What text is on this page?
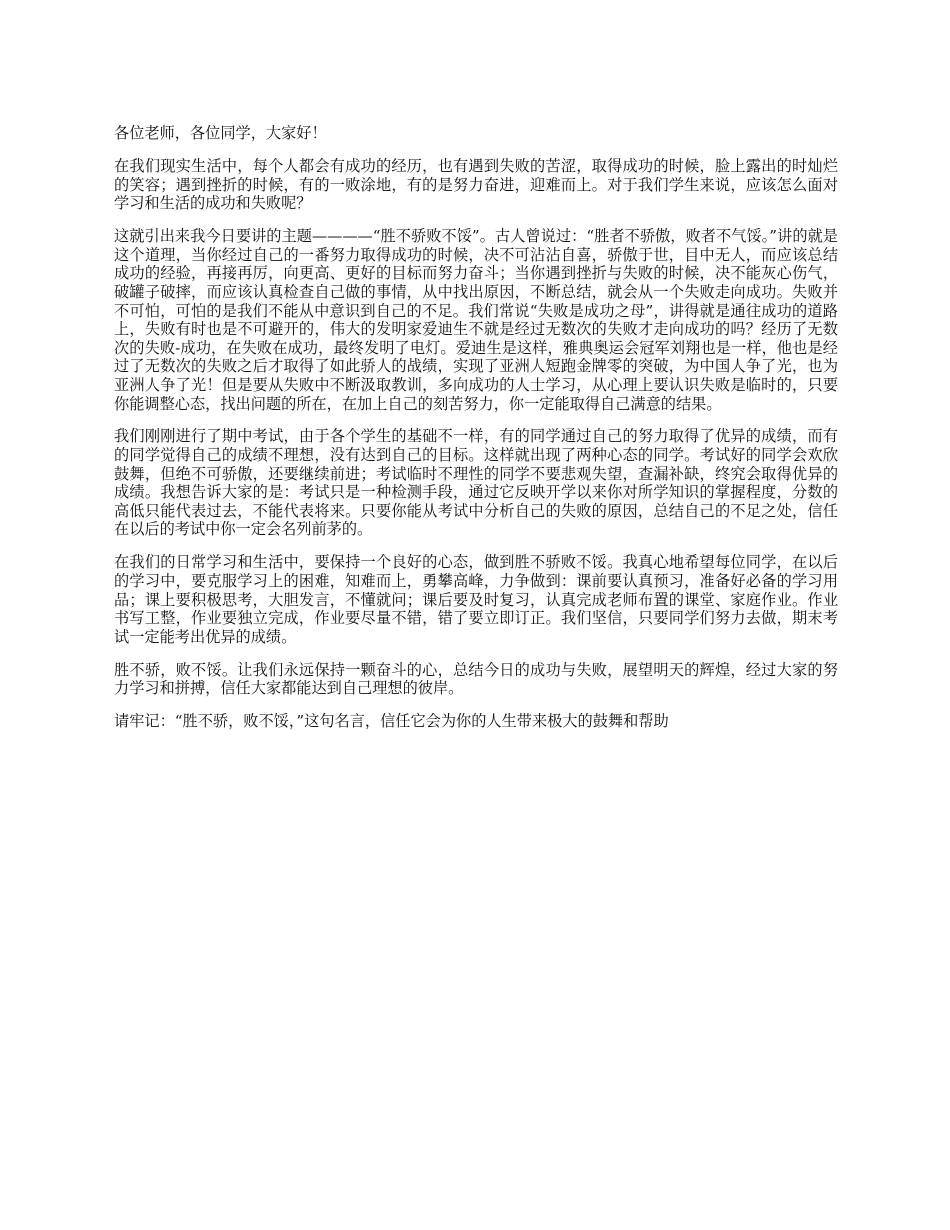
各位老师，各位同学，大家好！

在我们现实生活中，每个人都会有成功的经历，也有遇到失败的苦涩，取得成功的时候，脸上露出的时灿烂的笑容；遇到挫折的时候，有的一败涂地，有的是努力奋进，迎难而上。对于我们学生来说，应该怎么面对学习和生活的成功和失败呢？

这就引出来我今日要讲的主题————“胜不骄败不馁”。古人曾说过：“胜者不骄傲，败者不气馁。”讲的就是这个道理，当你经过自己的一番努力取得成功的时候，决不可沾沾自喜，骄傲于世，目中无人，而应该总结成功的经验，再接再厉，向更高、更好的目标而努力奋斗；当你遇到挫折与失败的时候，决不能灰心伤气，破罐子破摔，而应该认真检查自己做的事情，从中找出原因，不断总结，就会从一个失败走向成功。失败并不可怕，可怕的是我们不能从中意识到自己的不足。我们常说“失败是成功之母”，讲得就是通往成功的道路上，失败有时也是不可避开的，伟大的发明家爱迪生不就是经过无数次的失败才走向成功的吗？经历了无数次的失败-成功，在失败在成功，最终发明了电灯。爱迪生是这样，雅典奥运会冠军刘翔也是一样，他也是经过了无数次的失败之后才取得了如此骄人的战绩，实现了亚洲人短跑金牌零的突破，为中国人争了光，也为亚洲人争了光！但是要从失败中不断汲取教训，多向成功的人士学习，从心理上要认识失败是临时的，只要你能调整心态，找出问题的所在，在加上自己的刻苦努力，你一定能取得自己满意的结果。

我们刚刚进行了期中考试，由于各个学生的基础不一样，有的同学通过自己的努力取得了优异的成绩，而有的同学觉得自己的成绩不理想，没有达到自己的目标。这样就出现了两种心态的同学。考试好的同学会欢欣鼓舞，但绝不可骄傲，还要继续前进；考试临时不理性的同学不要悲观失望，查漏补缺，终究会取得优异的成绩。我想告诉大家的是：考试只是一种检测手段，通过它反映开学以来你对所学知识的掌握程度，分数的高低只能代表过去，不能代表将来。只要你能从考试中分析自己的失败的原因，总结自己的不足之处，信任在以后的考试中你一定会名列前茅的。

在我们的日常学习和生活中，要保持一个良好的心态，做到胜不骄败不馁。我真心地希望每位同学，在以后的学习中，要克服学习上的困难，知难而上，勇攀高峰，力争做到：课前要认真预习，准备好必备的学习用品；课上要积极思考，大胆发言，不懂就问；课后要及时复习，认真完成老师布置的课堂、家庭作业。作业书写工整，作业要独立完成，作业要尽量不错，错了要立即订正。我们坚信，只要同学们努力去做，期末考试一定能考出优异的成绩。

胜不骄，败不馁。让我们永远保持一颗奋斗的心，总结今日的成功与失败，展望明天的辉煌，经过大家的努力学习和拼搏，信任大家都能达到自己理想的彼岸。

请牢记：“胜不骄，败不馁，”这句名言，信任它会为你的人生带来极大的鼓舞和帮助
